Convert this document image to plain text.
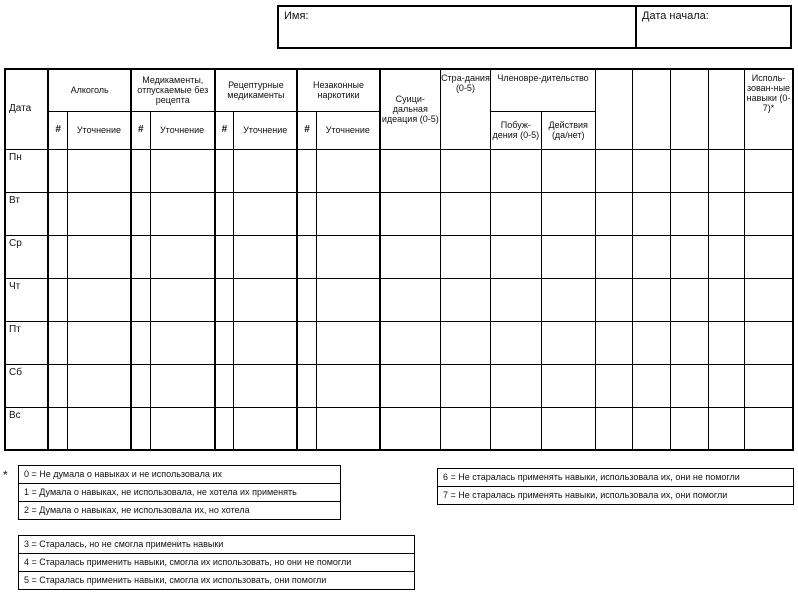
Имя:	Дата начала:
Дата	Алкоголь		Медикаменты, отпускаемые без рецепта		Рецептурные медикаменты		Незаконные наркотики		Суици-дальная идеация (0-5)	Стра-дания (0-5)	Членовре-дительство						Исполь-зован-ные навыки (0-7)*
	#	Уточнение	#	Уточнение	#	Уточнение	#	Уточнение			Побуж-дения (0-5)	Действия (да/нет)					
Пн																	
Вт																	
Ср																	
Чт																	
Пт																	
Сб																	
Вс																	
*	0 = Не думала о навыках и не использовала их
1 = Думала о навыках, не использовала, не хотела их применять
2 = Думала о навыках, не использовала их, но хотела
6 = Не старалась применять навыки, использовала их, они не помогли
7 = Не старалась применять навыки, использовала их, они помогли
3 = Старалась, но не смогла применить навыки
4 = Старалась применить навыки, смогла их использовать, но они не помогли
5 = Старалась применить навыки, смогла их использовать, они помогли
